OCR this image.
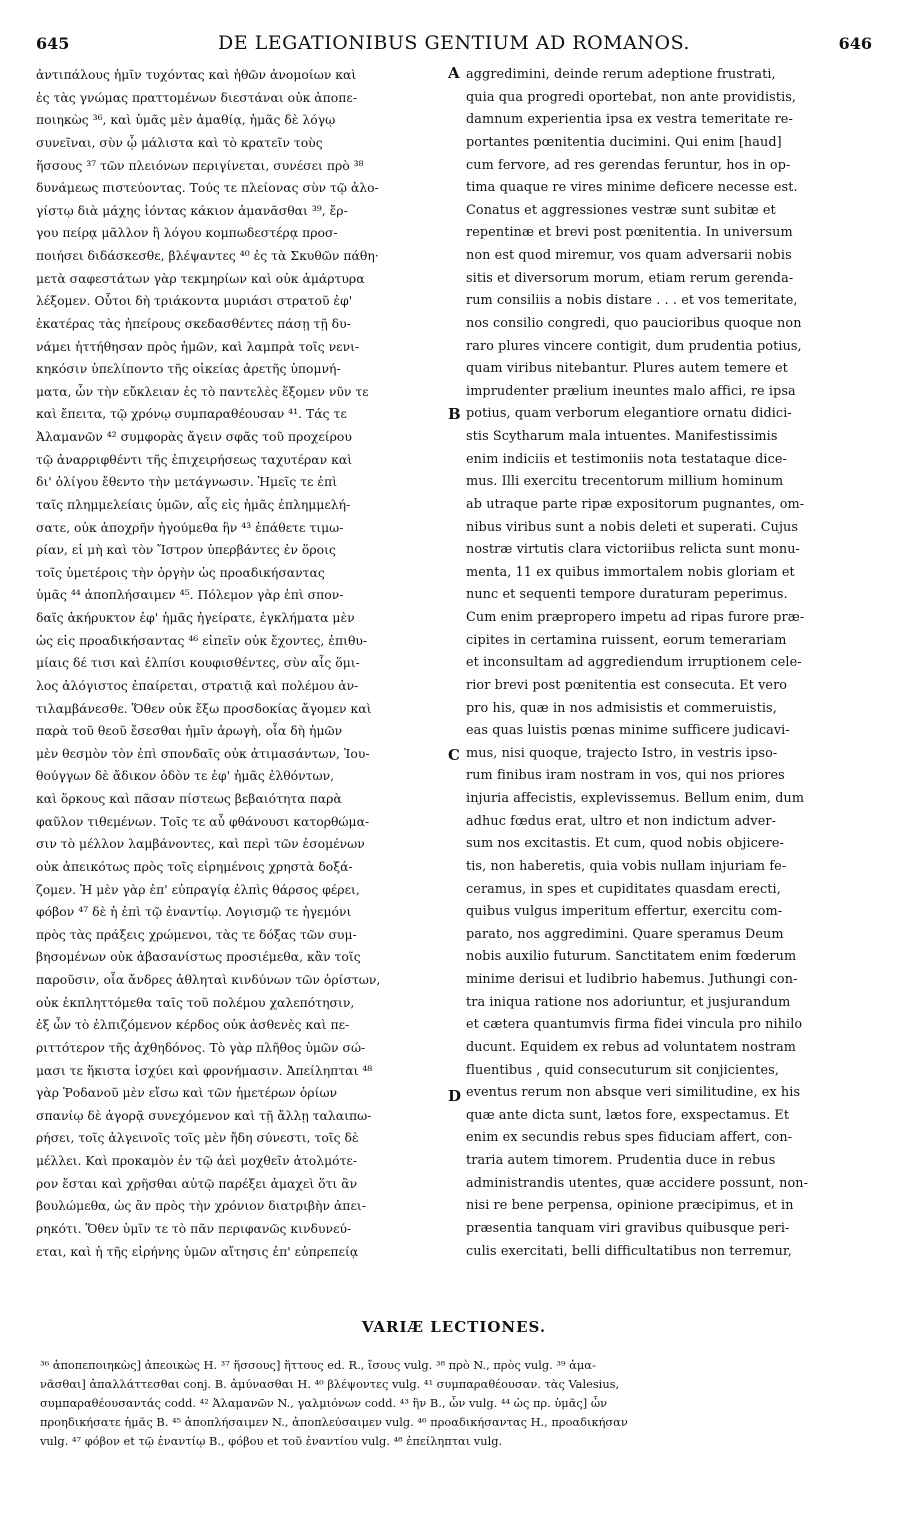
645	DE LEGATIONIBUS GENTIUM AD ROMANOS.	646
ἀντιπάλους ἡμῖν τυχόντας καὶ ἠθῶν ἀνομοίων καὶ
ἐς τὰς γνώμας πραττομένων διεστάναι οὐκ ἀποπε-
ποιηκὼς ³⁶, καὶ ὑμᾶς μὲν ἀμαθίᾳ, ἡμᾶς δὲ λόγῳ
συνεῖναι, σὺν ᾧ μάλιστα καὶ τὸ κρατεῖν τοὺς
ἥσσους ³⁷ τῶν πλειόνων περιγίνεται, συνέσει πρὸ ³⁸
δυνάμεως πιστεύοντας. Τούς τε πλείονας σὺν τῷ ἀλο-
γίστῳ διὰ μάχης ἰόντας κάκιον ἀμανᾶσθαι ³⁹, ἔρ-
γου πείρᾳ μᾶλλον ἢ λόγου κομπωδεστέρᾳ προσ-
ποιήσει διδάσκεσθε, βλέψαντες ⁴⁰ ἐς τὰ Σκυθῶν πάθη·
μετὰ σαφεστάτων γὰρ τεκμηρίων καὶ οὐκ ἀμάρτυρα
λέξομεν. Οὗτοι δὴ τριάκοντα μυριάσι στρατοῦ ἐφ'
ἑκατέρας τὰς ἠπείρους σκεδασθέντες πάσῃ τῇ δυ-
νάμει ἡττήθησαν πρὸς ἡμῶν, καὶ λαμπρὰ τοῖς νενι-
κηκόσιν ὑπελίποντο τῆς οἰκείας ἀρετῆς ὑπομνή-
ματα, ὧν τὴν εὔκλειαν ἐς τὸ παντελὲς ἕξομεν νῦν τε
καὶ ἔπειτα, τῷ χρόνῳ συμπαραθέουσαν ⁴¹. Τάς τε
Ἀλαμανῶν ⁴² συμφορὰς ἄγειν σφᾶς τοῦ προχείρου
τῷ ἀναρριφθέντι τῆς ἐπιχειρήσεως ταχυτέραν καὶ
δι' ὀλίγου ἔθεντο τὴν μετάγνωσιν. Ἡμεῖς τε ἐπὶ
ταῖς πλημμελείαις ὑμῶν, αἷς εἰς ἡμᾶς ἐπλημμελή-
σατε, οὐκ ἀποχρῆν ἡγούμεθα ἣν ⁴³ ἐπάθετε τιμω-
ρίαν, εἰ μὴ καὶ τὸν Ἴστρον ὑπερβάντες ἐν ὅροις
τοῖς ὑμετέροις τὴν ὀργὴν ὡς προαδικήσαντας
ὑμᾶς ⁴⁴ ἀποπλήσαιμεν ⁴⁵. Πόλεμον γὰρ ἐπὶ σπον-
δαῖς ἀκήρυκτον ἐφ' ἡμᾶς ἠγείρατε, ἐγκλήματα μὲν
ὡς εἰς προαδικήσαντας ⁴⁶ εἰπεῖν οὐκ ἔχοντες, ἐπιθυ-
μίαις δέ τισι καὶ ἐλπίσι κουφισθέντες, σὺν αἷς ὅμι-
λος ἀλόγιστος ἐπαίρεται, στρατιᾷ καὶ πολέμου ἀν-
τιλαμβάνεσθε. Ὅθεν οὐκ ἔξω προσδοκίας ἄγομεν καὶ
παρὰ τοῦ θεοῦ ἔσεσθαι ἡμῖν ἀρωγὴ, οἷα δὴ ἡμῶν
μὲν θεσμὸν τὸν ἐπὶ σπονδαῖς οὐκ ἀτιμασάντων, Ἰου-
θούγγων δὲ ἄδικον ὁδὸν τε ἐφ' ἡμᾶς ἐλθόντων,
καὶ ὅρκους καὶ πᾶσαν πίστεως βεβαιότητα παρὰ
φαῦλον τιθεμένων. Τοῖς τε αὖ φθάνουσι κατορθώμα-
σιν τὸ μέλλον λαμβάνοντες, καὶ περὶ τῶν ἐσομένων
οὐκ ἀπεικότως πρὸς τοῖς εἰρημένοις χρηστὰ δοξά-
ζομεν. Ἡ μὲν γὰρ ἐπ' εὐπραγίᾳ ἐλπὶς θάρσος φέρει,
φόβον ⁴⁷ δὲ ἡ ἐπὶ τῷ ἐναντίῳ. Λογισμῷ τε ἡγεμόνι
πρὸς τὰς πράξεις χρώμενοι, τὰς τε δόξας τῶν συμ-
βησομένων οὐκ ἀβασανίστως προσιέμεθα, κἂν τοῖς
παροῦσιν, οἷα ἄνδρες ἀθληταὶ κινδύνων τῶν ὁρίστων,
οὐκ ἐκπληττόμεθα ταῖς τοῦ πολέμου χαλεπότησιν,
ἐξ ὧν τὸ ἐλπιζόμενον κέρδος οὐκ ἀσθενὲς καὶ πε-
ριττότερον τῆς ἀχθηδόνος. Τὸ γὰρ πλῆθος ὑμῶν σώ-
μασι τε ἥκιστα ἰσχύει καὶ φρονήμασιν. Ἀπείληπται ⁴⁸
γὰρ Ῥοδανοῦ μὲν εἴσω καὶ τῶν ἡμετέρων ὁρίων
σπανίῳ δὲ ἀγορᾷ συνεχόμενον καὶ τῇ ἄλλῃ ταλαιπω-
ρήσει, τοῖς ἀλγεινοῖς τοῖς μὲν ἤδη σύνεστι, τοῖς δὲ
μέλλει. Καὶ προκαμὸν ἐν τῷ ἀεὶ μοχθεῖν ἀτολμότε-
ρον ἔσται καὶ χρῆσθαι αὐτῷ παρέξει ἀμαχεὶ ὅτι ἂν
βουλώμεθα, ὡς ἂν πρὸς τὴν χρόνιον διατριβὴν ἀπει-
ρηκότι. Ὅθεν ὑμῖν τε τὸ πᾶν περιφανῶς κινδυνεύ-
εται, καὶ ἡ τῆς εἰρήνης ὑμῶν αἴτησις ἐπ' εὐπρεπείᾳ
aggredimini, deinde rerum adeptione frustrati,
quia qua progredi oportebat, non ante providistis,
damnum experientia ipsa ex vestra temeritate re-
portantes pœnitentia ducimini. Qui enim [haud]
cum fervore, ad res gerendas feruntur, hos in op-
tima quaque re vires minime deficere necesse est.
Conatus et aggressiones vestræ sunt subitæ et
repentinæ et brevi post pœnitentia. In universum
non est quod miremur, vos quam adversarii nobis
sitis et diversorum morum, etiam rerum gerenda-
rum consiliis a nobis distare . . . et vos temeritate,
nos consilio congredi, quo paucioribus quoque non
raro plures vincere contigit, dum prudentia potius,
quam viribus nitebantur. Plures autem temere et
imprudenter prælium ineuntes malo affici, re ipsa
potius, quam verborum elegantiore ornatu didici-
stis Scytharum mala intuentes. Manifestissimis
enim indiciis et testimoniis nota testataque dice-
mus. Illi exercitu trecentorum millium hominum
ab utraque parte ripæ expositorum pugnantes, om-
nibus viribus sunt a nobis deleti et superati. Cujus
nostræ virtutis clara victoriibus relicta sunt monu-
menta, 11 ex quibus immortalem nobis gloriam et
nunc et sequenti tempore duraturam peperimus.
Cum enim præpropero impetu ad ripas furore præ-
cipites in certamina ruissent, eorum temerariam
et inconsultam ad aggrediendum irruptionem cele-
rior brevi post pœnitentia est consecuta. Et vero
pro his, quæ in nos admisistis et commeruistis,
eas quas luistis pœnas minime sufficere judicavi-
mus, nisi quoque, trajecto Istro, in vestris ipso-
rum finibus iram nostram in vos, qui nos priores
injuria affecistis, explevissemus. Bellum enim, dum
adhuc fœdus erat, ultro et non indictum adver-
sum nos excitastis. Et cum, quod nobis objicere-
tis, non haberetis, quia vobis nullam injuriam fe-
ceramus, in spes et cupiditates quasdam erecti,
quibus vulgus imperitum effertur, exercitu com-
parato, nos aggredimini. Quare speramus Deum
nobis auxilio futurum. Sanctitatem enim fœderum
minime derisui et ludibrio habemus. Juthungi con-
tra iniqua ratione nos adoriuntur, et jusjurandum
et cætera quantumvis firma fidei vincula pro nihilo
ducunt. Equidem ex rebus ad voluntatem nostram
fluentibus , quid consecuturum sit conjicientes,
eventus rerum non absque veri similitudine, ex his
quæ ante dicta sunt, lætos fore, exspectamus. Et
enim ex secundis rebus spes fiduciam affert, con-
traria autem timorem. Prudentia duce in rebus
administrandis utentes, quæ accidere possunt, non-
nisi re bene perpensa, opinione præcipimus, et in
præsentia tanquam viri gravibus quibusque peri-
culis exercitati, belli difficultatibus non terremur,
A
B
C
D
VARIÆ LECTIONES.
³⁶ ἀποπεποιηκὼς] ἀπεοικὼς H. ³⁷ ἥσσους] ἥττους ed. R., ἴσους vulg. ³⁸ πρὸ N., πρὸς vulg. ³⁹ ἀμα-
νᾶσθαι] ἀπαλλάττεσθαι conj. B. ἀμύνασθαι H. ⁴⁰ βλέψοντες vulg. ⁴¹ συμπαραθέουσαν. τὰς Valesius,
συμπαραθέουσαντάς codd. ⁴² Ἀλαμανῶν N., γαλμιόνων codd. ⁴³ ἣν B., ὧν vulg. ⁴⁴ ὡς πρ. ὑμᾶς] ὧν
προηδικήσατε ἡμᾶς B. ⁴⁵ ἀποπλήσαιμεν N., ἀποπλεύσαιμεν vulg. ⁴⁶ προαδικήσαντας H., προαδικήσαν
vulg. ⁴⁷ φόβον et τῷ ἐναντίῳ B., φόβου et τοῦ ἐναντίου vulg. ⁴⁸ ἐπείληπται vulg.
